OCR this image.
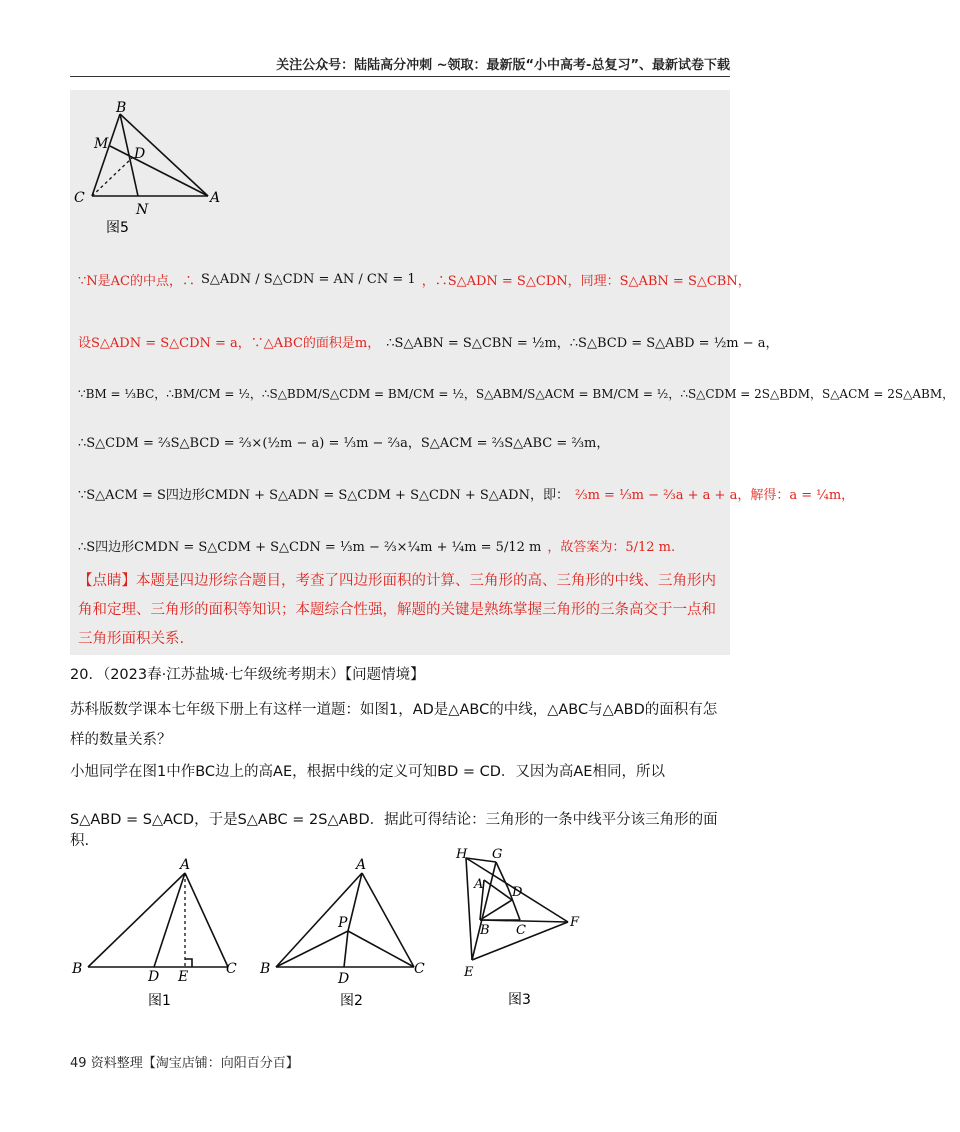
关注公众号：陆陆高分冲刺 ~领取：最新版“小中高考-总复习”、最新试卷下载
B
M
D
C
N
A
图5
∵N是AC的中点，∴ S△ADN / S△CDN = AN / CN = 1 ，∴S△ADN = S△CDN，同理：S△ABN = S△CBN，
设S△ADN = S△CDN = a，∵△ABC的面积是m， ∴S△ABN = S△CBN = ½m，∴S△BCD = S△ABD = ½m − a，
∵BM = ⅓BC，∴BM/CM = ½，∴S△BDM/S△CDM = BM/CM = ½，S△ABM/S△ACM = BM/CM = ½，∴S△CDM = 2S△BDM，S△ACM = 2S△ABM，
∴S△CDM = ⅔S△BCD = ⅔×(½m − a) = ⅓m − ⅔a，S△ACM = ⅔S△ABC = ⅔m，
∵S△ACM = S四边形CMDN + S△ADN = S△CDM + S△CDN + S△ADN，即： ⅔m = ⅓m − ⅔a + a + a，解得：a = ¼m，
∴S四边形CMDN = S△CDM + S△CDN = ⅓m − ⅔×¼m + ¼m = 5/12 m ，故答案为：5/12 m.
【点睛】本题是四边形综合题目，考查了四边形面积的计算、三角形的高、三角形的中线、三角形内角和定理、三角形的面积等知识；本题综合性强，解题的关键是熟练掌握三角形的三条高交于一点和三角形面积关系.
20．（2023春·江苏盐城·七年级统考期末）【问题情境】
苏科版数学课本七年级下册上有这样一道题：如图1，AD是△ABC的中线，△ABC与△ABD的面积有怎
样的数量关系？
小旭同学在图1中作BC边上的高AE，根据中线的定义可知BD = CD．又因为高AE相同，所以
S△ABD = S△ACD，于是S△ABC = 2S△ABD．据此可得结论：三角形的一条中线平分该三角形的面积.
A
B	D E	C
图1
A
P
B
D
C
图2
H G
A
D
B C
F
E
图3
49 资料整理【淘宝店铺：向阳百分百】
